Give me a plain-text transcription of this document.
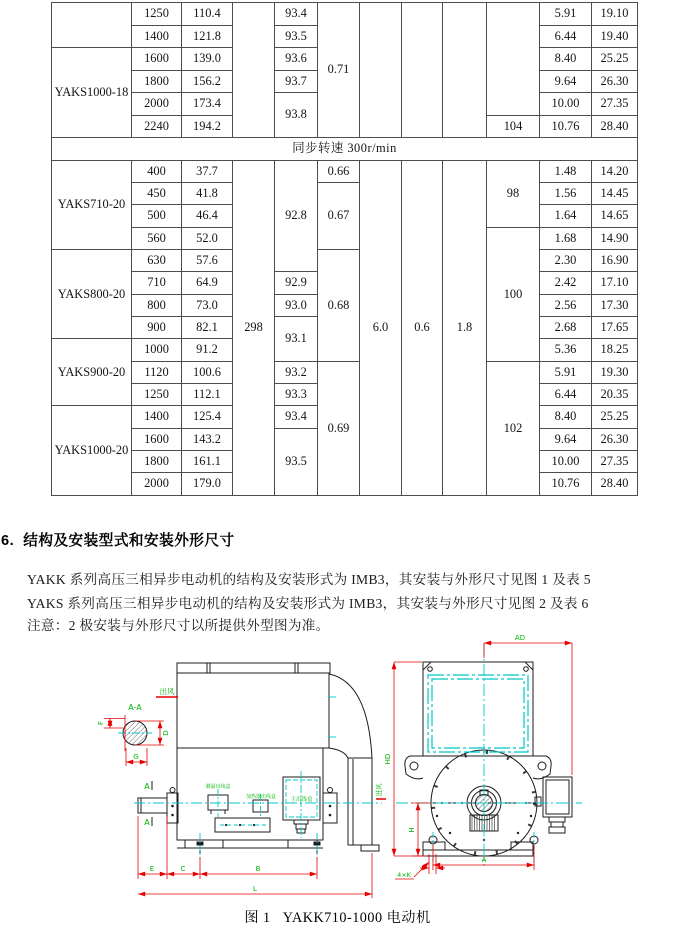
	1250	110.4		93.4	0.71					5.91	19.10
	1400	121.8		93.5						6.44	19.40
YAKS1000-18	1600	139.0		93.6						8.40	25.25
	1800	156.2		93.7						9.64	26.30
	2000	173.4		93.8						10.00	27.35
	2240	194.2							104	10.76	28.40
同步转速 300r/min											
YAKS710-20	400	37.7	298	92.8	0.66	6.0	0.6	1.8	98	1.48	14.20
	450	41.8			0.67					1.56	14.45
	500	46.4								1.64	14.65
	560	52.0							100	1.68	14.90
YAKS800-20	630	57.6			0.68					2.30	16.90
	710	64.9		92.9						2.42	17.10
	800	73.0		93.0						2.56	17.30
	900	82.1		93.1						2.68	17.65
YAKS900-20	1000	91.2								5.36	18.25
	1120	100.6		93.2	0.69				102	5.91	19.30
	1250	112.1		93.3						6.44	20.35
YAKS1000-20	1400	125.4		93.4						8.40	25.25
	1600	143.2		93.5						9.64	26.30
	1800	161.1								10.00	27.35
	2000	179.0								10.76	28.40
6.  结构及安装型式和安装外形尺寸
YAKK 系列高压三相异步电动机的结构及安装形式为 IMB3，其安装与外形尺寸见图 1 及表 5
YAKS 系列高压三相异步电动机的结构及安装形式为 IMB3，其安装与外形尺寸见图 2 及表 6
注意：2 极安装与外形尺寸以所提供外型图为准。
A-A
F
G
D
A
A
出风
测温出线盒
加热器出线盒	主出线盒
E	C	B
L
AD
HD
H
A
4×K
进风
图 1   YAKK710-1000 电动机
